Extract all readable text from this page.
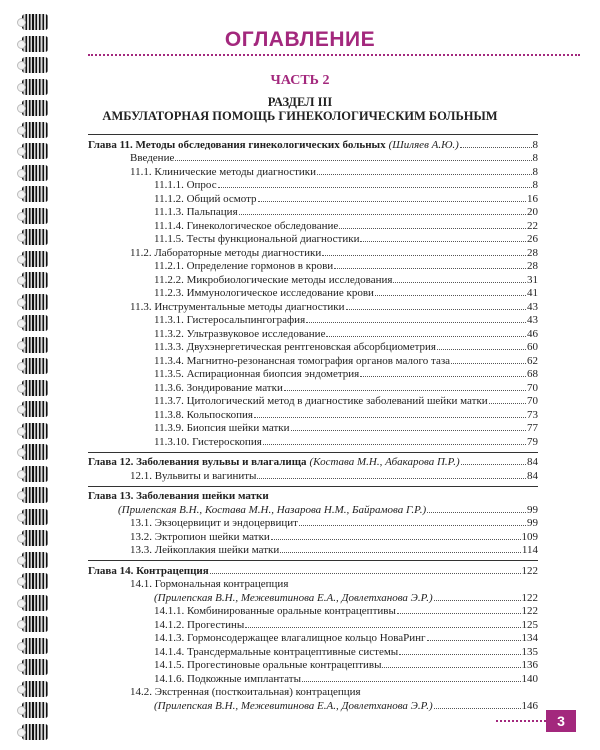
ОГЛАВЛЕНИЕ
ЧАСТЬ 2
РАЗДЕЛ III
АМБУЛАТОРНАЯ ПОМОЩЬ ГИНЕКОЛОГИЧЕСКИМ БОЛЬНЫМ
Глава 11. Методы обследования гинекологических больных (Шиляев А.Ю.)	8
Введение	8
11.1. Клинические методы диагностики	8
11.1.1. Опрос	8
11.1.2. Общий осмотр	16
11.1.3. Пальпация	20
11.1.4. Гинекологическое обследование	22
11.1.5. Тесты функциональной диагностики	26
11.2. Лабораторные методы диагностики	28
11.2.1. Определение гормонов в крови	28
11.2.2. Микробиологические методы исследования	31
11.2.3. Иммунологическое исследование крови	41
11.3. Инструментальные методы диагностики	43
11.3.1. Гистеросальпингография	43
11.3.2. Ультразвуковое исследование	46
11.3.3. Двухэнергетическая рентгеновская абсорбциометрия	60
11.3.4. Магнитно-резонансная томография органов малого таза	62
11.3.5. Аспирационная биопсия эндометрия	68
11.3.6. Зондирование матки	70
11.3.7. Цитологический метод в диагностике заболеваний шейки матки	70
11.3.8. Кольпоскопия	73
11.3.9. Биопсия шейки матки	77
11.3.10. Гистероскопия	79
Глава 12. Заболевания вульвы и влагалища (Костава М.Н., Абакарова П.Р.)	84
12.1. Вульвиты и вагиниты	84
Глава 13. Заболевания шейки матки
(Прилепская В.Н., Костава М.Н., Назарова Н.М., Байрамова Г.Р.)	99
13.1. Экзоцервицит и эндоцервицит	99
13.2. Эктропион шейки матки	109
13.3. Лейкоплакия шейки матки	114
Глава 14. Контрацепция	122
14.1. Гормональная контрацепция
(Прилепская В.Н., Межевитинова Е.А., Довлетханова Э.Р.)	122
14.1.1. Комбинированные оральные контрацептивы	122
14.1.2. Прогестины	125
14.1.3. Гормонсодержащее влагалищное кольцо НоваРинг	134
14.1.4. Трансдермальные контрацептивные системы	135
14.1.5. Прогестиновые оральные контрацептивы	136
14.1.6. Подкожные имплантаты	140
14.2. Экстренная (посткоитальная) контрацепция
(Прилепская В.Н., Межевитинова Е.А., Довлетханова Э.Р.)	146
3
